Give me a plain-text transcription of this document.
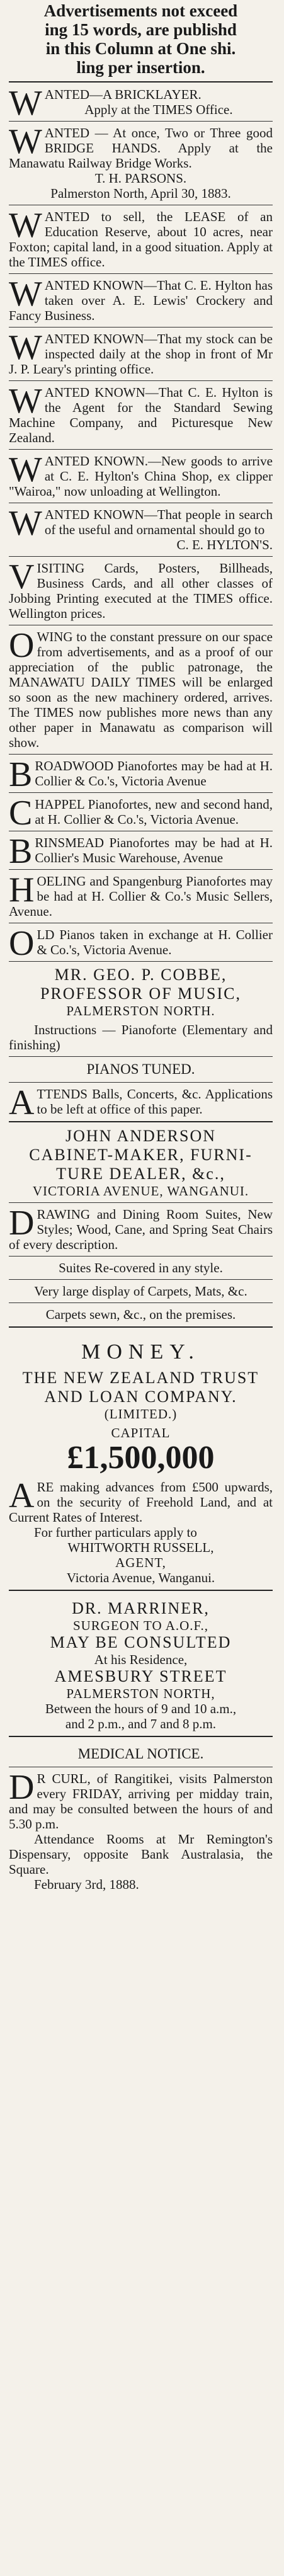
Advertisements not exceed
ing 15 words, are publishd
in this Column at One shi.
ling per insertion.
W ANTED—A BRICKLAYER.

Apply at the TIMES Office.

W ANTED — At once, Two or Three good BRIDGE HANDS. Apply at the Manawatu Railway Bridge Works.

T. H. PARSONS.

Palmerston North, April 30, 1883.

W ANTED to sell, the LEASE of an Education Reserve, about 10 acres, near Foxton; capital land, in a good situation. Apply at the TIMES office.

W ANTED KNOWN—That C. E. Hylton has taken over A. E. Lewis' Crockery and Fancy Business.

W ANTED KNOWN—That my stock can be inspected daily at the shop in front of Mr J. P. Leary's printing office.

W ANTED KNOWN—That C. E. Hylton is the Agent for the Standard Sewing Machine Company, and Picturesque New Zealand.

W ANTED KNOWN.—New goods to arrive at C. E. Hylton's China Shop, ex clipper "Wairoa," now unloading at Wellington.

W ANTED KNOWN—That people in search of the useful and ornamental should go to

C. E. HYLTON'S.

V ISITING Cards, Posters, Billheads, Business Cards, and all other classes of Jobbing Printing executed at the TIMES office. Wellington prices.

O WING to the constant pressure on our space from advertisements, and as a proof of our appreciation of the public patronage, the MANAWATU DAILY TIMES will be enlarged so soon as the new machinery ordered, arrives. The TIMES now publishes more news than any other paper in Manawatu as comparison will show.

B ROADWOOD Pianofortes may be had at H. Collier & Co.'s, Victoria Avenue

C HAPPEL Pianofortes, new and second hand, at H. Collier & Co.'s, Victoria Avenue.

B RINSMEAD Pianofortes may be had at H. Collier's Music Warehouse, Avenue

H OELING and Spangenburg Pianofortes may be had at H. Collier & Co.'s Music Sellers, Avenue.

O LD Pianos taken in exchange at H. Collier & Co.'s, Victoria Avenue.

MR. GEO. P. COBBE,
PROFESSOR OF MUSIC,

PALMERSTON NORTH.

Instructions — Pianoforte (Elementary and finishing)

PIANOS TUNED.

A TTENDS Balls, Concerts, &c. Applications to be left at office of this paper.

JOHN ANDERSON
CABINET-MAKER, FURNI-
TURE DEALER, &c.,

VICTORIA AVENUE, WANGANUI.

D RAWING and Dining Room Suites, New Styles; Wood, Cane, and Spring Seat Chairs of every description.

Suites Re-covered in any style.

Very large display of Carpets, Mats, &c.

Carpets sewn, &c., on the premises.

MONEY.
THE NEW ZEALAND TRUST
AND LOAN COMPANY.

(LIMITED.)

CAPITAL

£1,500,000
A RE making advances from £500 upwards, on the security of Freehold Land, and at Current Rates of Interest.

For further particulars apply to

WHITWORTH RUSSELL,

AGENT,

Victoria Avenue, Wanganui.

DR. MARRINER,

SURGEON TO A.O.F.,

MAY BE CONSULTED

At his Residence,

AMESBURY STREET

PALMERSTON NORTH,

Between the hours of 9 and 10 a.m.,

and 2 p.m., and 7 and 8 p.m.

MEDICAL NOTICE.

D R CURL, of Rangitikei, visits Palmerston every FRIDAY, arriving per midday train, and may be consulted between the hours of and 5.30 p.m.

Attendance Rooms at Mr Remington's Dispensary, opposite Bank Australasia, the Square.

February 3rd, 1888.
